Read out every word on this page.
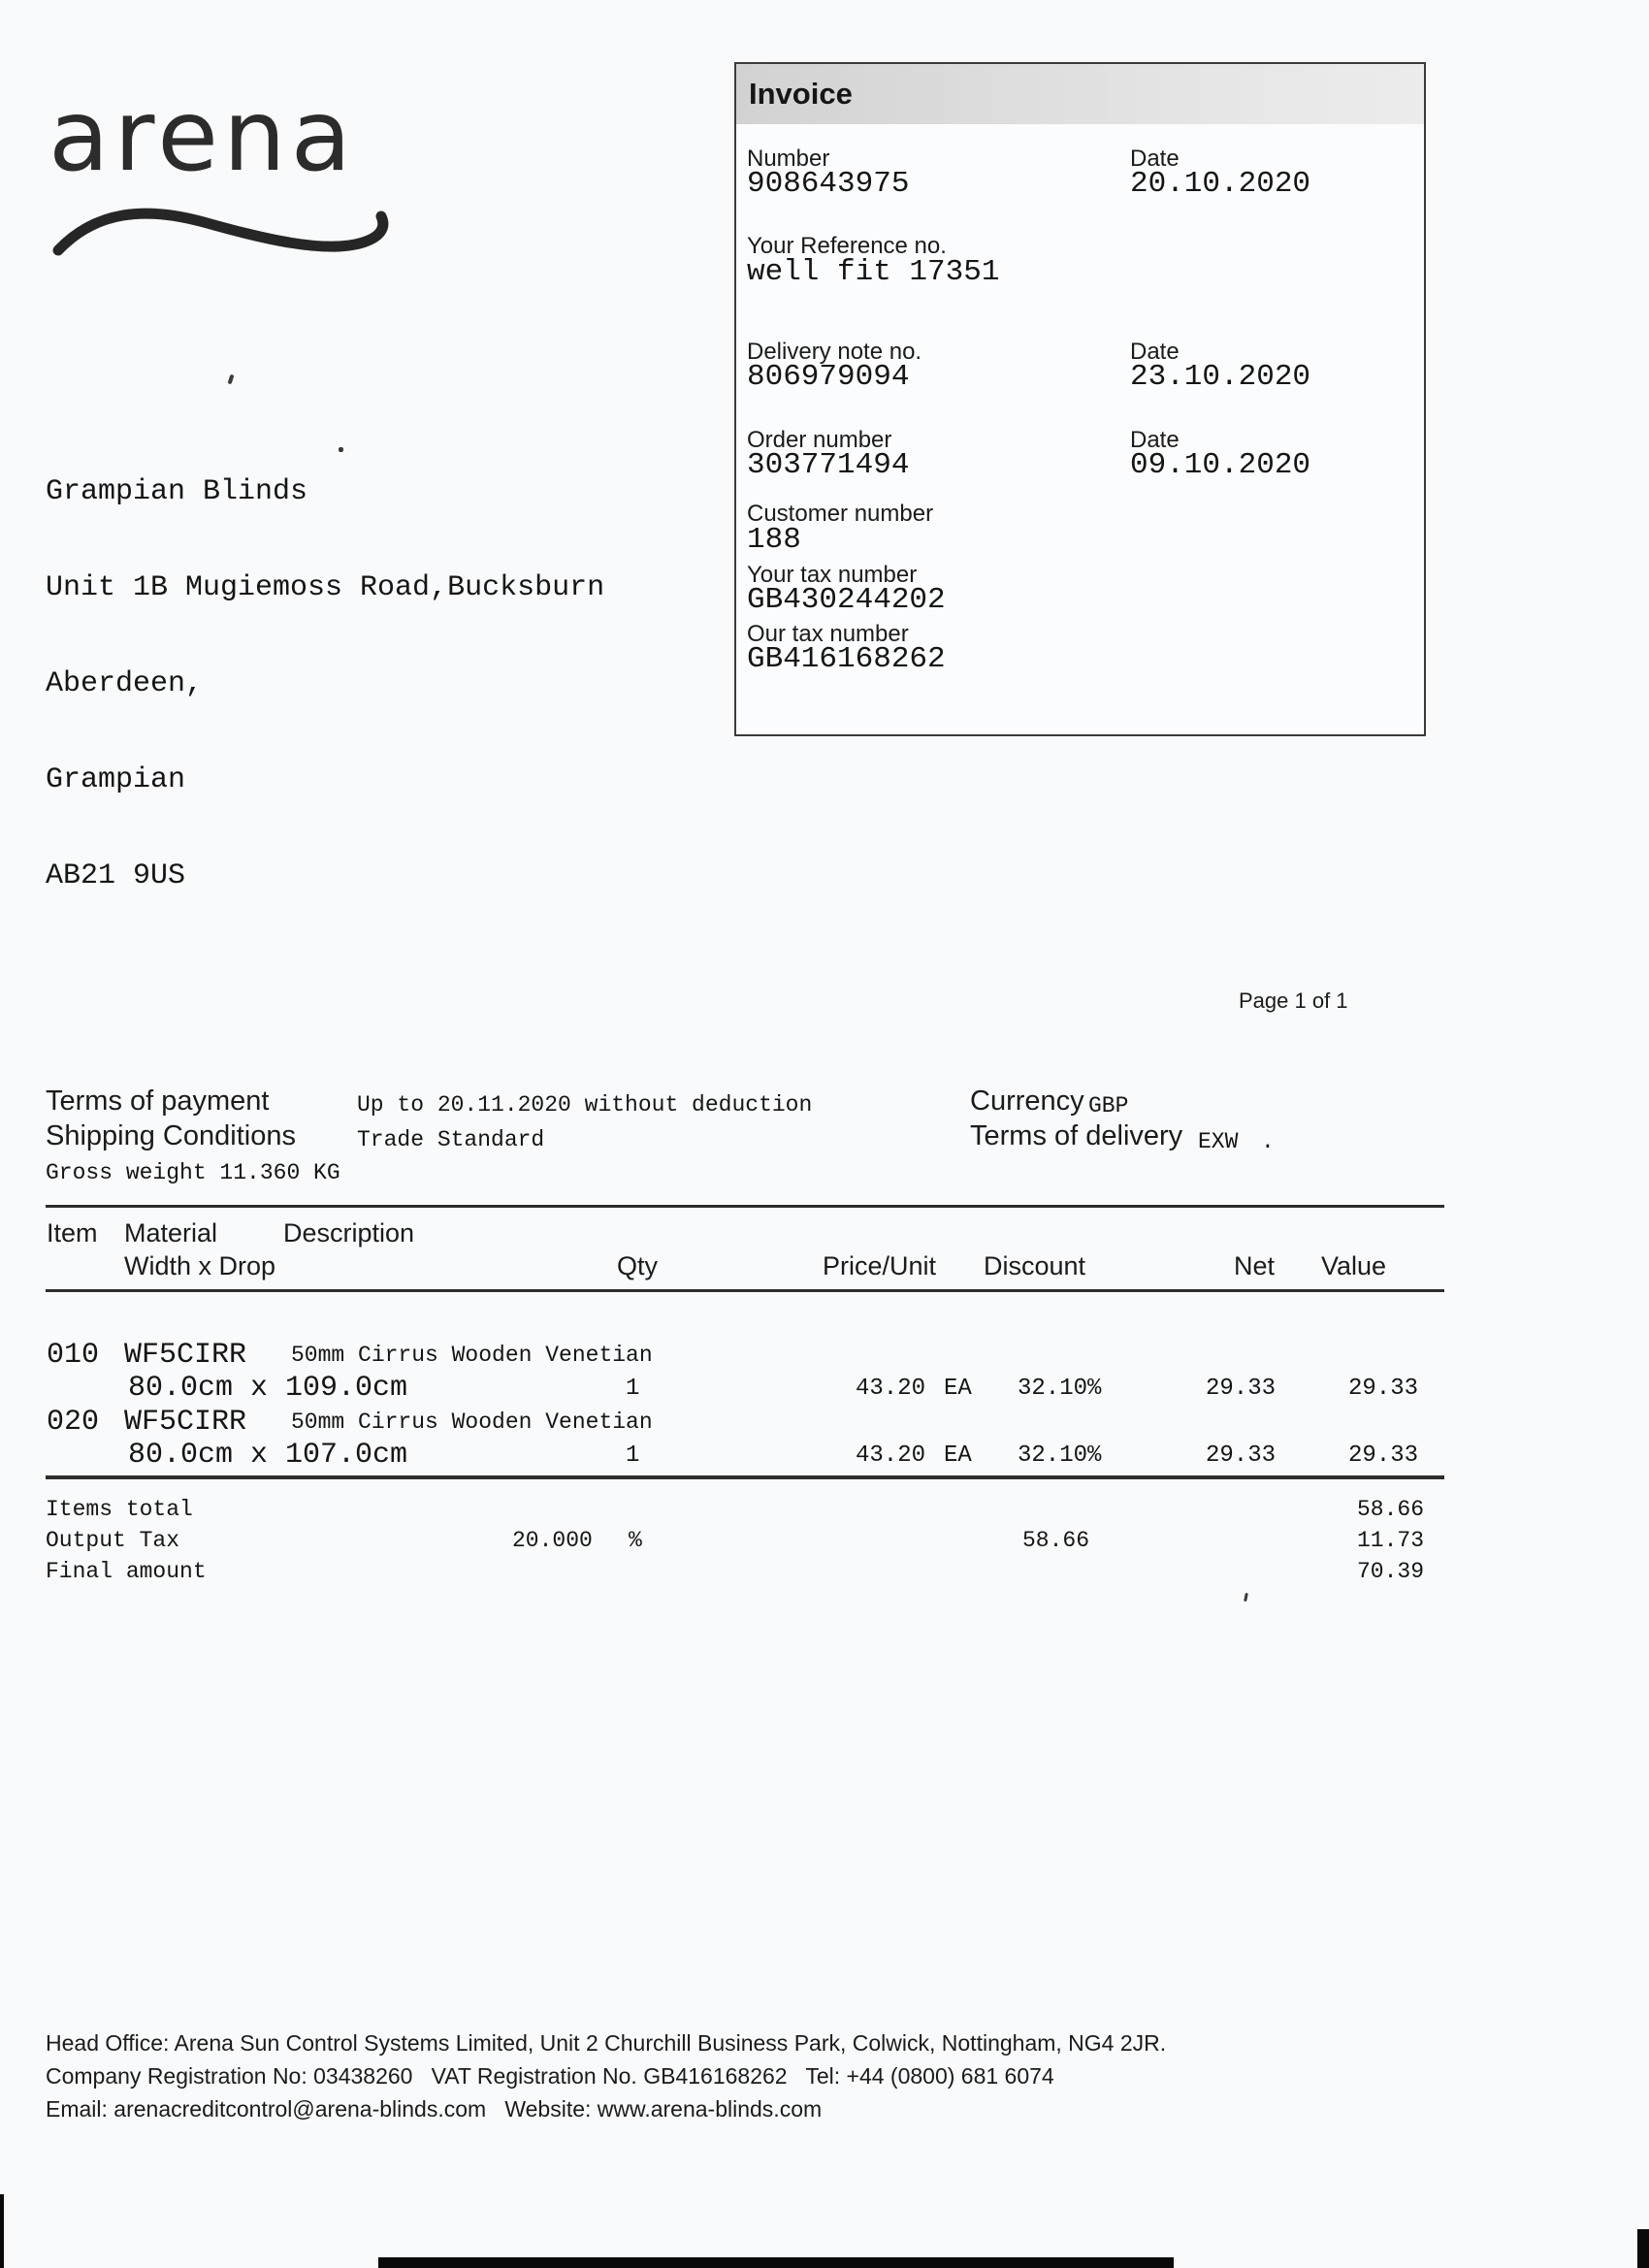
arena

Grampian Blinds

Unit 1B Mugiemoss Road,Bucksburn

Aberdeen,

Grampian

AB21 9US

Invoice
Number
908643975
Date
20.10.2020
Your Reference no.
well fit 17351
Delivery note no.
806979094
Date
23.10.2020
Order number
303771494
Date
09.10.2020
Customer number
188
Your tax number
GB430244202
Our tax number
GB416168262
Page 1 of 1
Terms of payment	Up to 20.11.2020 without deduction
Shipping Conditions	Trade Standard
Gross weight 11.360 KG
Currency GBP
Terms of delivery EXW .
Item Material	Description
Width x Drop	Qty	Price/Unit Discount	Net Value
010 WF5CIRR 50mm Cirrus Wooden Venetian
80.0cm x 109.0cm	1	43.20 EA 32.10%	29.33	29.33
020 WF5CIRR 50mm Cirrus Wooden Venetian
80.0cm x 107.0cm	1	43.20 EA 32.10%	29.33	29.33
Items total	58.66
Output Tax	20.000 %	58.66	11.73
Final amount	70.39
Head Office: Arena Sun Control Systems Limited, Unit 2 Churchill Business Park, Colwick, Nottingham, NG4 2JR.
Company Registration No: 03438260   VAT Registration No. GB416168262   Tel: +44 (0800) 681 6074
Email: arenacreditcontrol@arena-blinds.com   Website: www.arena-blinds.com
